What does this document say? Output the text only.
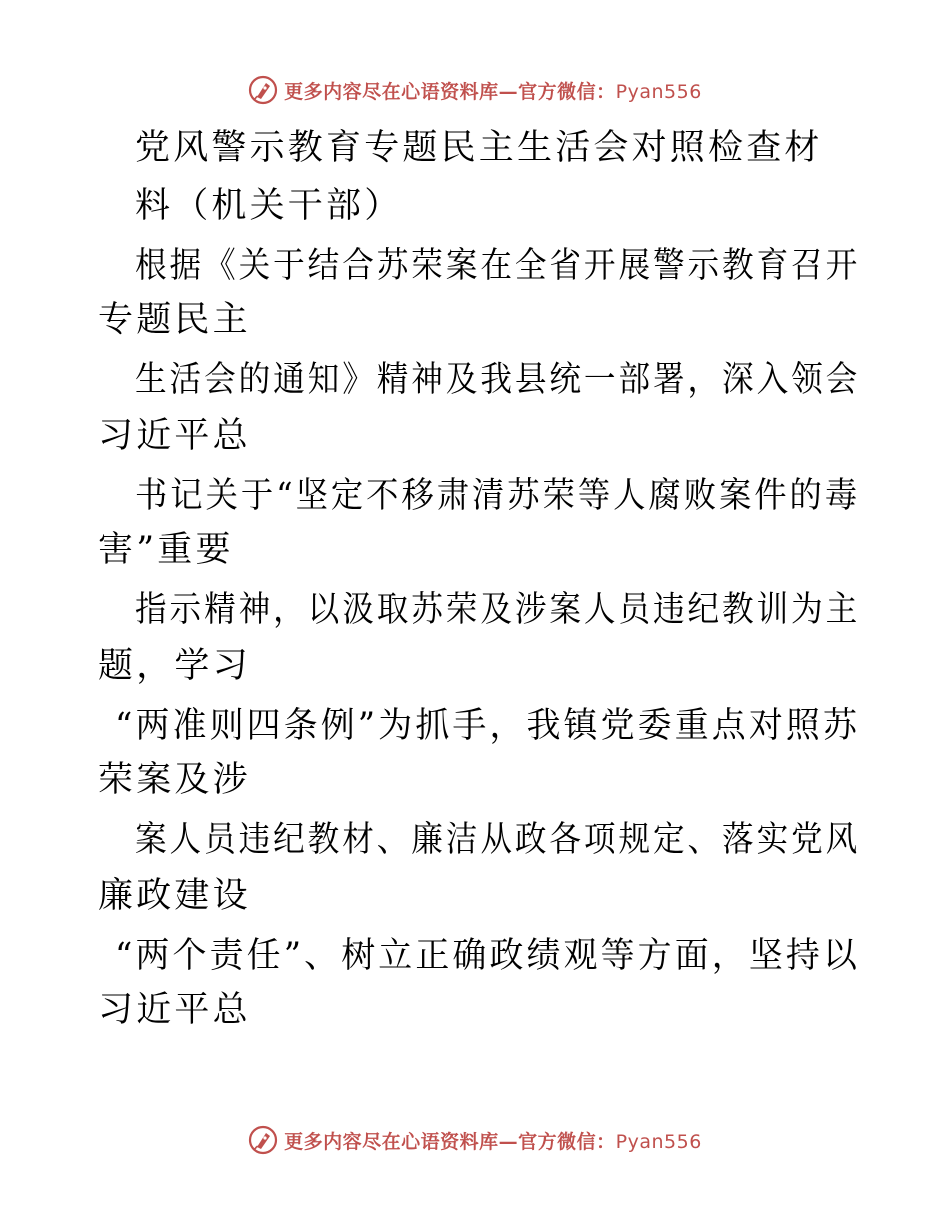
更多内容尽在心语资料库—官方微信：Pyan556
党风警示教育专题民主生活会对照检查材
料（机关干部）
根据《关于结合苏荣案在全省开展警示教育召开
专题民主
生活会的通知》精神及我县统一部署，深入领会
习近平总
书记关于“坚定不移肃清苏荣等人腐败案件的毒
害”重要
指示精神，以汲取苏荣及涉案人员违纪教训为主
题，学习
“两准则四条例”为抓手，我镇党委重点对照苏
荣案及涉
案人员违纪教材、廉洁从政各项规定、落实党风
廉政建设
“两个责任”、树立正确政绩观等方面，坚持以
习近平总
更多内容尽在心语资料库—官方微信：Pyan556
